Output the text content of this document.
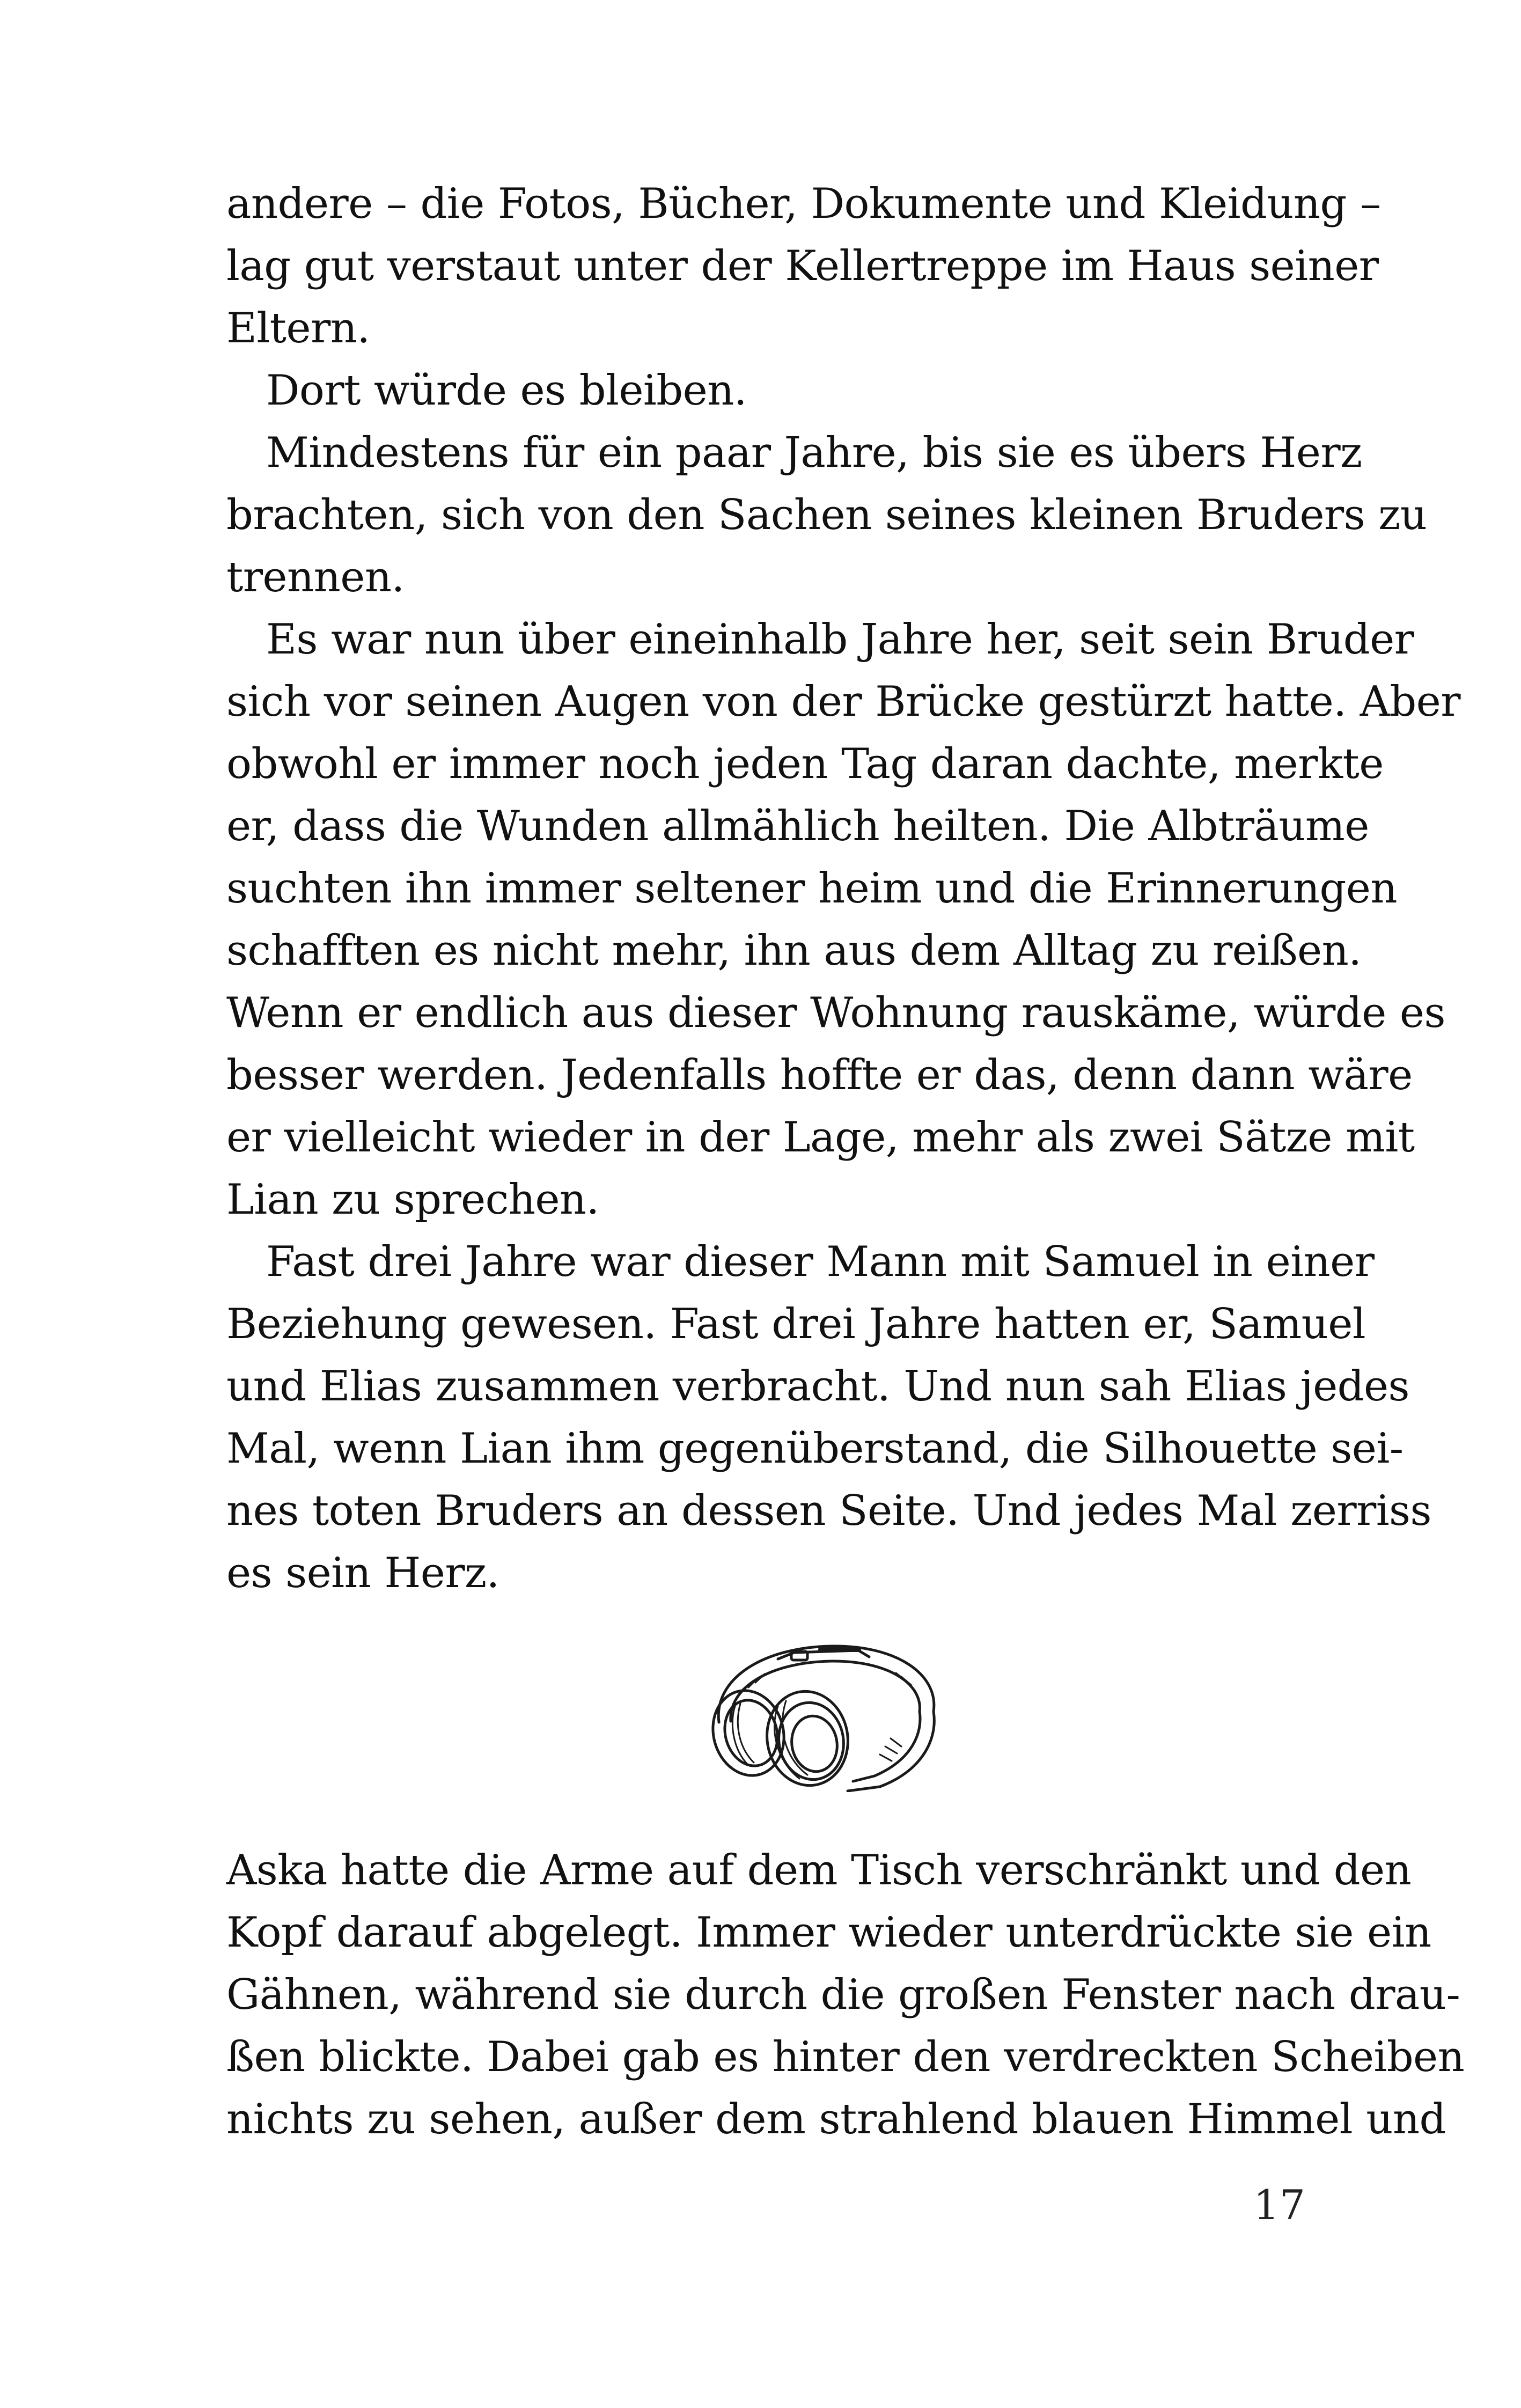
andere – die Fotos, Bücher, Dokumente und Kleidung –
lag gut verstaut unter der Kellertreppe im Haus seiner
Eltern.
Dort würde es bleiben.
Mindestens für ein paar Jahre, bis sie es übers Herz
brachten, sich von den Sachen seines kleinen Bruders zu
trennen.
Es war nun über eineinhalb Jahre her, seit sein Bruder
sich vor seinen Augen von der Brücke gestürzt hatte. Aber
obwohl er immer noch jeden Tag daran dachte, merkte
er, dass die Wunden allmählich heilten. Die Albträume
suchten ihn immer seltener heim und die Erinnerungen
schafften es nicht mehr, ihn aus dem Alltag zu reißen.
Wenn er endlich aus dieser Wohnung rauskäme, würde es
besser werden. Jedenfalls hoffte er das, denn dann wäre
er vielleicht wieder in der Lage, mehr als zwei Sätze mit
Lian zu sprechen.
Fast drei Jahre war dieser Mann mit Samuel in einer
Beziehung gewesen. Fast drei Jahre hatten er, Samuel
und Elias zusammen verbracht. Und nun sah Elias jedes
Mal, wenn Lian ihm gegenüberstand, die Silhouette sei-
nes toten Bruders an dessen Seite. Und jedes Mal zerriss
es sein Herz.
Aska hatte die Arme auf dem Tisch verschränkt und den
Kopf darauf abgelegt. Immer wieder unterdrückte sie ein
Gähnen, während sie durch die großen Fenster nach drau-
ßen blickte. Dabei gab es hinter den verdreckten Scheiben
nichts zu sehen, außer dem strahlend blauen Himmel und
17
